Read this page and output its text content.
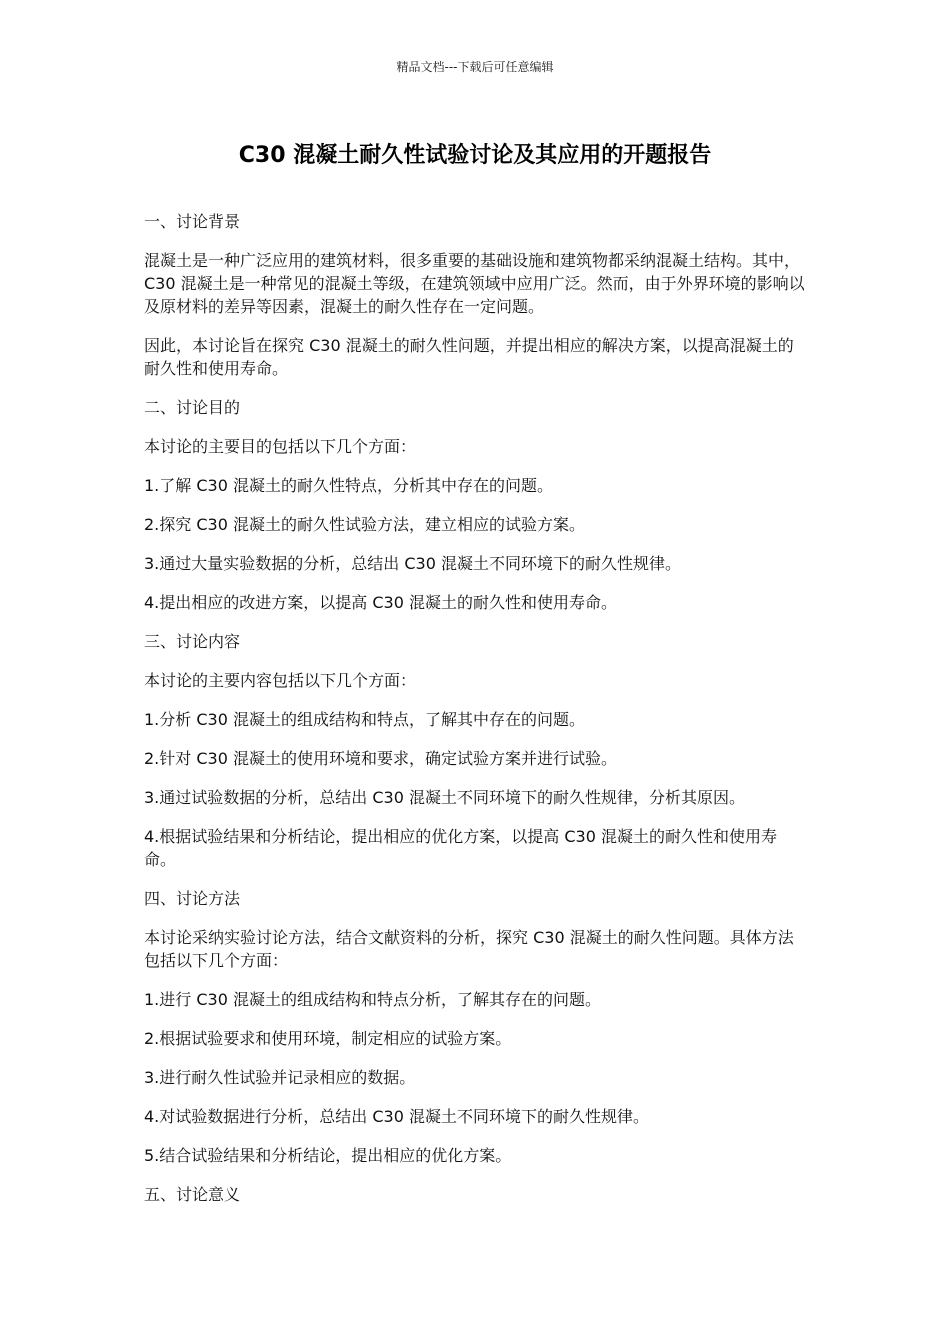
精品文档---下载后可任意编辑
C30 混凝土耐久性试验讨论及其应用的开题报告

一、讨论背景

混凝土是一种广泛应用的建筑材料，很多重要的基础设施和建筑物都采纳混凝土结构。其中，C30 混凝土是一种常见的混凝土等级，在建筑领域中应用广泛。然而，由于外界环境的影响以及原材料的差异等因素，混凝土的耐久性存在一定问题。

因此，本讨论旨在探究 C30 混凝土的耐久性问题，并提出相应的解决方案，以提高混凝土的耐久性和使用寿命。

二、讨论目的

本讨论的主要目的包括以下几个方面：

1.了解 C30 混凝土的耐久性特点，分析其中存在的问题。

2.探究 C30 混凝土的耐久性试验方法，建立相应的试验方案。

3.通过大量实验数据的分析，总结出 C30 混凝土不同环境下的耐久性规律。

4.提出相应的改进方案，以提高 C30 混凝土的耐久性和使用寿命。

三、讨论内容

本讨论的主要内容包括以下几个方面：

1.分析 C30 混凝土的组成结构和特点，了解其中存在的问题。

2.针对 C30 混凝土的使用环境和要求，确定试验方案并进行试验。

3.通过试验数据的分析，总结出 C30 混凝土不同环境下的耐久性规律，分析其原因。

4.根据试验结果和分析结论，提出相应的优化方案，以提高 C30 混凝土的耐久性和使用寿命。

四、讨论方法

本讨论采纳实验讨论方法，结合文献资料的分析，探究 C30 混凝土的耐久性问题。具体方法包括以下几个方面：

1.进行 C30 混凝土的组成结构和特点分析，了解其存在的问题。

2.根据试验要求和使用环境，制定相应的试验方案。

3.进行耐久性试验并记录相应的数据。

4.对试验数据进行分析，总结出 C30 混凝土不同环境下的耐久性规律。

5.结合试验结果和分析结论，提出相应的优化方案。

五、讨论意义
